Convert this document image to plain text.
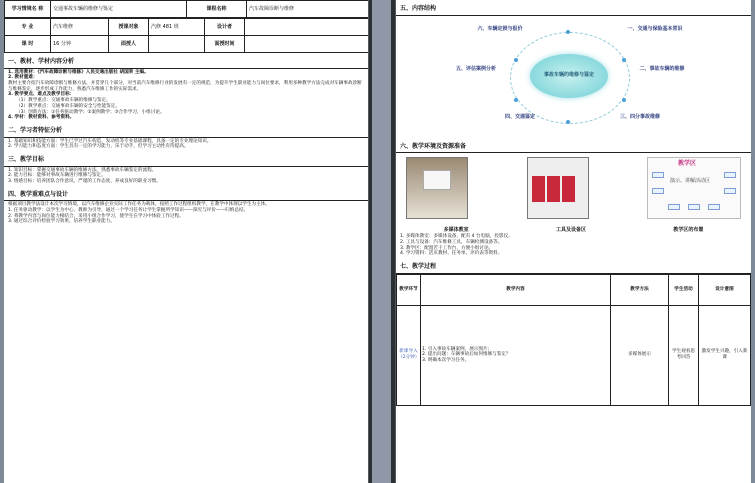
学习情境名 称	交通事故车辆的维修与鉴定	课程名称	汽车故障诊断与维修
专 业	汽车维修	授课对象	汽修 481 班	设计者	
课 时	16 分钟	面授人		面授时间	
一、教材、学材内容分析

1. 选用教材：《汽车故障诊断与维修》人民交通出版社 胡国荣 主编。

2. 教材重难：

教材主要介绍汽车故障诊断与维修方法，并贯穿几个部分，对当前汽车维修行业的发展有一定的规范，为提升学生职业能力与岗位要求，利用多种教学方法完成对车辆事故诊断与维修鉴定，逐步形成工作能力，熟悉汽车维修工作的实际需求。

3. 教学要点、难点及教学目标：

（1）教学重点：交通事故车辆的维修与鉴定。

（2）教学难点：交通事故车辆的安全与性能鉴定。

（3）创新方法：①任务驱动教学；②案例教学；③合作学习，小组讨论。

4. 学材：教材资料、参考资料。

二、学习者特征分析

1. 基础知识和技能方面：学生已学过汽车构造、发动机等专业基础课程，具备一定的专业理论知识。

2. 学习能力和态度方面：学生具有一定的学习能力，乐于动手，但学习主动性有待提高。

三、教学目标

1. 知识目标：掌握交通事故车辆的维修方法，熟悉事故车辆鉴定的流程。

2. 能力目标：能够对事故车辆进行维修与鉴定。

3. 情感目标：培养团队合作意识、严谨的工作态度，养成良好的职业习惯。

四、教学重难点与设计

根据项目教学法设计本次学习情境，以汽车维修企业实际工作任务为载体，按照工作过程组织教学，在教学中体现以学生为主体。

1. 任务驱动教学：以学生为中心，教师为引导，通过一个学习任务让学生掌握所学知识——探究与评价——归纳总结。

2. 将教学内容与岗位能力相结合，采用小组合作学习，使学生在学习中体验工作过程。

3. 通过综合评价检验学习效果，培养学生职业能力。

五、内容结构
事故车辆的维修与鉴定
一、交通与保险基本常识
二、事故车辆的维修
三、四分事故维修
四、交通鉴定
五、评估案例分析
六、车辆定损与报价
六、教学环境及资源准备
教学区
演示、讲解活动区
多媒体教室	工具及设备区	教学区的布置

1. 多媒体教室：多媒体设备，配有 4 台电脑，投影仪。

2. 工具与设备：汽车维修工具，车辆检测设备等。

3. 教学区：配置若干工作台，方便小组讨论。

4. 学习资料：活页教材、任务单、评价表等资料。

七、教学过程
教学环节	教学内容	教学方法	学生活动	设计意图
新课导入（2分钟）	1. 引入事故车辆案例，展示图片；

2. 提出问题：车辆事故后如何维修与鉴定？

3. 明确本次学习任务。	多媒体展示	学生观看思考回答	激发学生兴趣，引入新课
